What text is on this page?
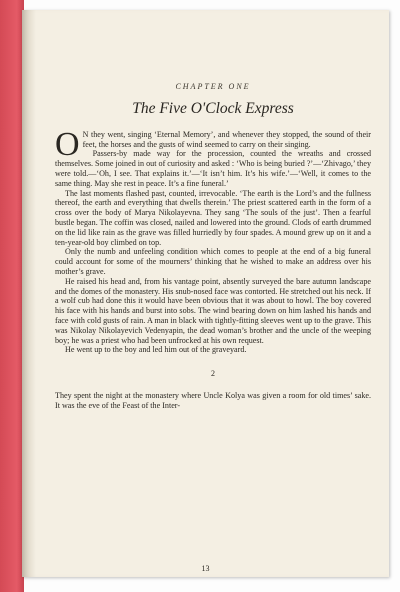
13
CHAPTER ONE
The Five O'Clock Express

O N they went, singing ‘Eternal Memory’, and whenever they stopped, the sound of their feet, the horses and the gusts of wind seemed to carry on their singing.

Passers-by made way for the procession, counted the wreaths and crossed themselves. Some joined in out of curiosity and asked : ‘Who is being buried ?’—‘Zhivago,’ they were told.—‘Oh, I see. That explains it.’—‘It isn’t him. It’s his wife.’—‘Well, it comes to the same thing. May she rest in peace. It’s a fine funeral.’

The last moments flashed past, counted, irrevocable. ‘The earth is the Lord’s and the fullness thereof, the earth and everything that dwells therein.’ The priest scattered earth in the form of a cross over the body of Marya Nikolayevna. They sang ‘The souls of the just’. Then a fearful bustle began. The coffin was closed, nailed and lowered into the ground. Clods of earth drummed on the lid like rain as the grave was filled hurriedly by four spades. A mound grew up on it and a ten-year-old boy climbed on top.

Only the numb and unfeeling condition which comes to people at the end of a big funeral could account for some of the mourners’ thinking that he wished to make an address over his mother’s grave.

He raised his head and, from his vantage point, absently surveyed the bare autumn landscape and the domes of the monastery. His snub-nosed face was contorted. He stretched out his neck. If a wolf cub had done this it would have been obvious that it was about to howl. The boy covered his face with his hands and burst into sobs. The wind bearing down on him lashed his hands and face with cold gusts of rain. A man in black with tightly-fitting sleeves went up to the grave. This was Nikolay Nikolayevich Vedenyapin, the dead woman’s brother and the uncle of the weeping boy; he was a priest who had been unfrocked at his own request.

He went up to the boy and led him out of the graveyard.

2

They spent the night at the monastery where Uncle Kolya was given a room for old times’ sake. It was the eve of the Feast of the Inter-
